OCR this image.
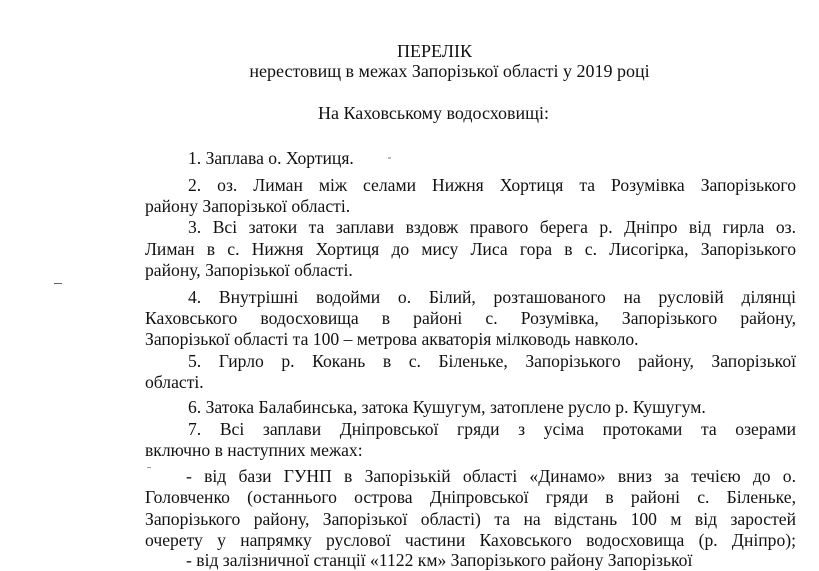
ПЕРЕЛІК
нерестовищ в межах Запорізької області у 2019 році
На Каховському водосховищі:
1. Заплава о. Хортиця.
2. оз. Лиман між селами Нижня Хортиця та Розумівка Запорізького
району Запорізької області.
3. Всі затоки та заплави вздовж правого берега р. Дніпро від гирла оз.
Лиман в с. Нижня Хортиця до мису Лиса гора в с. Лисогірка, Запорізького
району, Запорізької області.
4. Внутрішні водойми о. Білий, розташованого на русловій ділянці
Каховського водосховища в районі с. Розумівка, Запорізького району,
Запорізької області та 100 – метрова акваторія мілководь навколо.
5. Гирло р. Кокань в с. Біленьке, Запорізького району, Запорізької
області.
6. Затока Балабинська, затока Кушугум, затоплене русло р. Кушугум.
7. Всі заплави Дніпровської гряди з усіма протоками та озерами
включно в наступних межах:
- від бази ГУНП в Запорізькій області «Динамо» вниз за течією до о.
Головченко (останнього острова Дніпровської гряди в районі с. Біленьке,
Запорізького району, Запорізької області) та на відстань 100 м від заростей
очерету у напрямку руслової частини Каховського водосховища (р. Дніпро);
- від залізничної станції «1122 км» Запорізького району Запорізької
